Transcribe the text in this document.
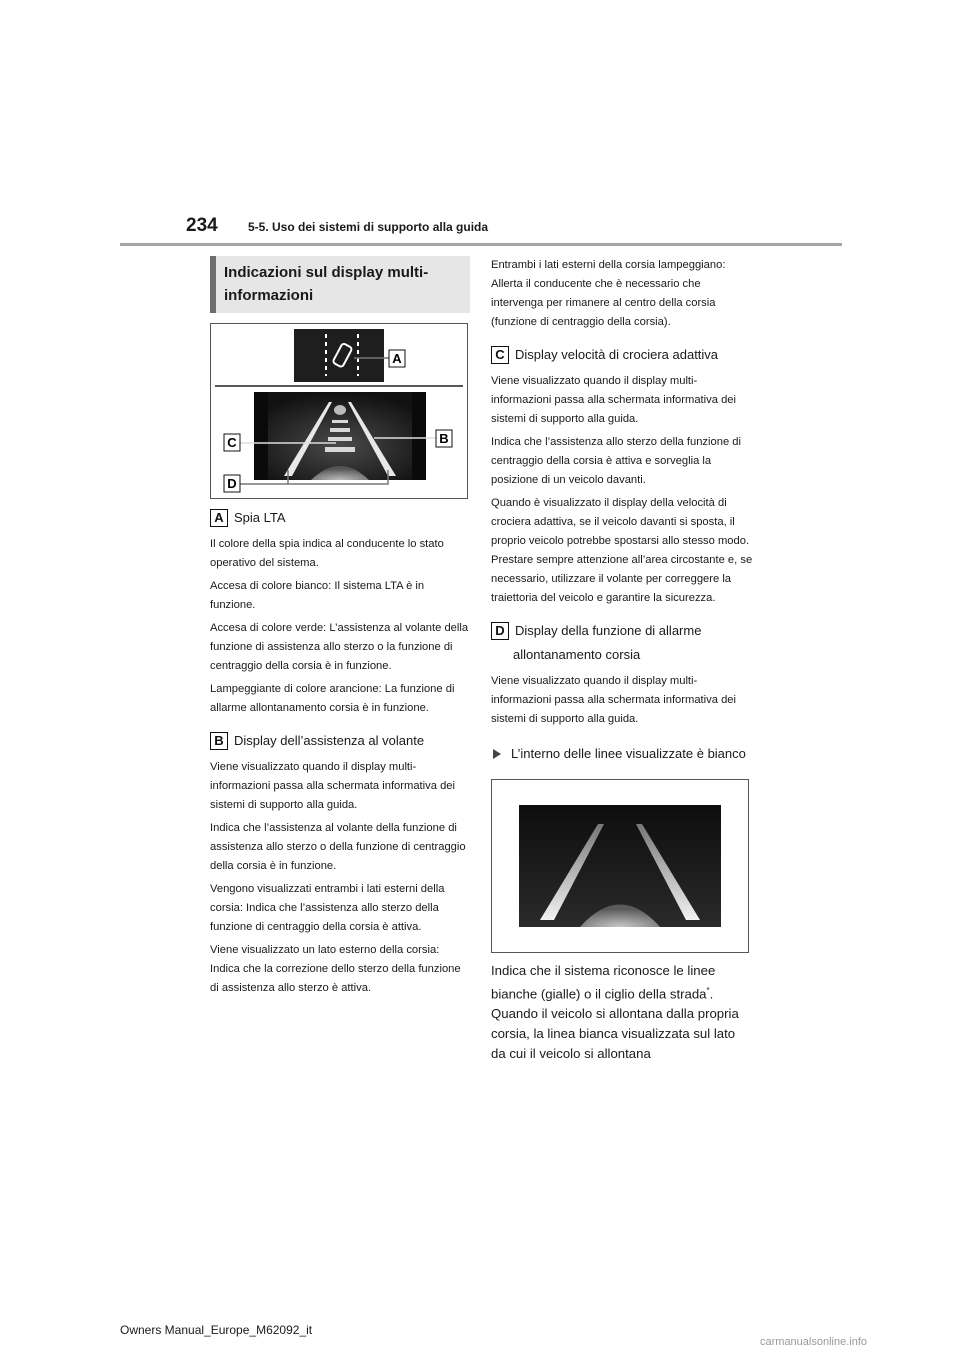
234	5-5. Uso dei sistemi di supporto alla guida
Indicazioni sul display multi-
informazioni
A
C	B
D
A Spia LTA

Il colore della spia indica al conducente lo stato operativo del sistema.

Accesa di colore bianco: Il sistema LTA è in funzione.

Accesa di colore verde: L’assistenza al volante della funzione di assistenza allo sterzo o la funzione di centraggio della corsia è in funzione.

Lampeggiante di colore arancione: La funzione di allarme allontanamento corsia è in funzione.

B Display dell’assistenza al volante

Viene visualizzato quando il display multi-informazioni passa alla schermata informativa dei sistemi di supporto alla guida.

Indica che l’assistenza al volante della funzione di assistenza allo sterzo o della funzione di centraggio della corsia è in funzione.

Vengono visualizzati entrambi i lati esterni della corsia: Indica che l’assistenza allo sterzo della funzione di centraggio della corsia è attiva.

Viene visualizzato un lato esterno della corsia: Indica che la correzione dello sterzo della funzione di assistenza allo sterzo è attiva.

Entrambi i lati esterni della corsia lampeggiano: Allerta il conducente che è necessario che intervenga per rimanere al centro della corsia (funzione di centraggio della corsia).

C Display velocità di crociera adattiva

Viene visualizzato quando il display multi-informazioni passa alla schermata informativa dei sistemi di supporto alla guida.

Indica che l’assistenza allo sterzo della funzione di centraggio della corsia è attiva e sorveglia la posizione di un veicolo davanti.

Quando è visualizzato il display della velocità di crociera adattiva, se il veicolo davanti si sposta, il proprio veicolo potrebbe spostarsi allo stesso modo. Prestare sempre attenzione all’area circostante e, se necessario, utilizzare il volante per correggere la traiettoria del veicolo e garantire la sicurezza.

D Display della funzione di allarme
allontanamento corsia

Viene visualizzato quando il display multi-informazioni passa alla schermata informativa dei sistemi di supporto alla guida.

L’interno delle linee visualizzate è bianco
Indica che il sistema riconosce le linee bianche (gialle) o il ciglio della strada*. Quando il veicolo si allontana dalla propria corsia, la linea bianca visualizzata sul lato da cui il veicolo si allontana
Owners Manual_Europe_M62092_it
carmanualsonline.info
